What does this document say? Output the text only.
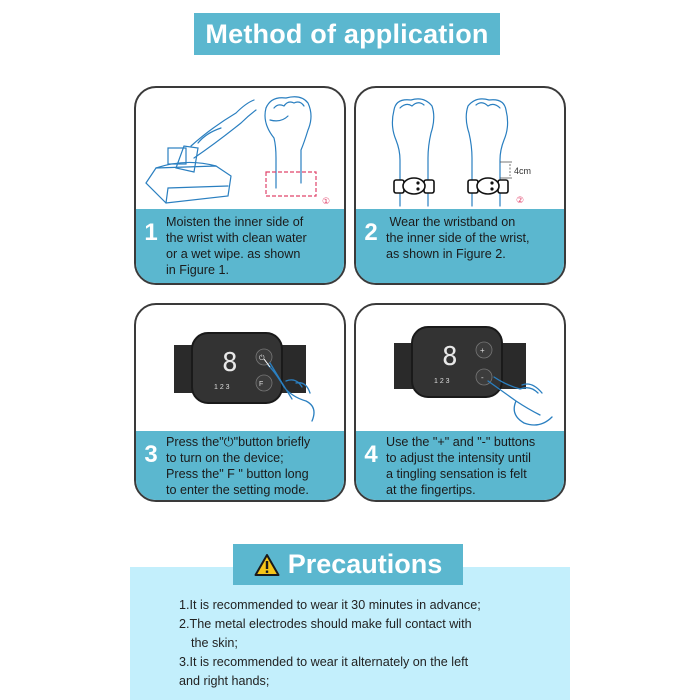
Method of application
①
1 Moisten the inner side of
the wrist with clean water
or a wet wipe. as shown
in Figure 1.
4cm
②
2 Wear the wristband on
the inner side of the wrist,
as shown in Figure 2.
8
1 2 3
⏻
F
3 Press the"⏻"button briefly
to turn on the device;
Press the" F " button long
to enter the setting mode.
8
1 2 3
+
-
4 Use the "+" and "-" buttons
to adjust the intensity until
a tingling sensation is felt
at the fingertips.
Precautions
1.It is recommended to wear it 30 minutes in advance;
2.The metal electrodes should make full contact with
the skin;
3.It is recommended to wear it alternately on the left
and right hands;
